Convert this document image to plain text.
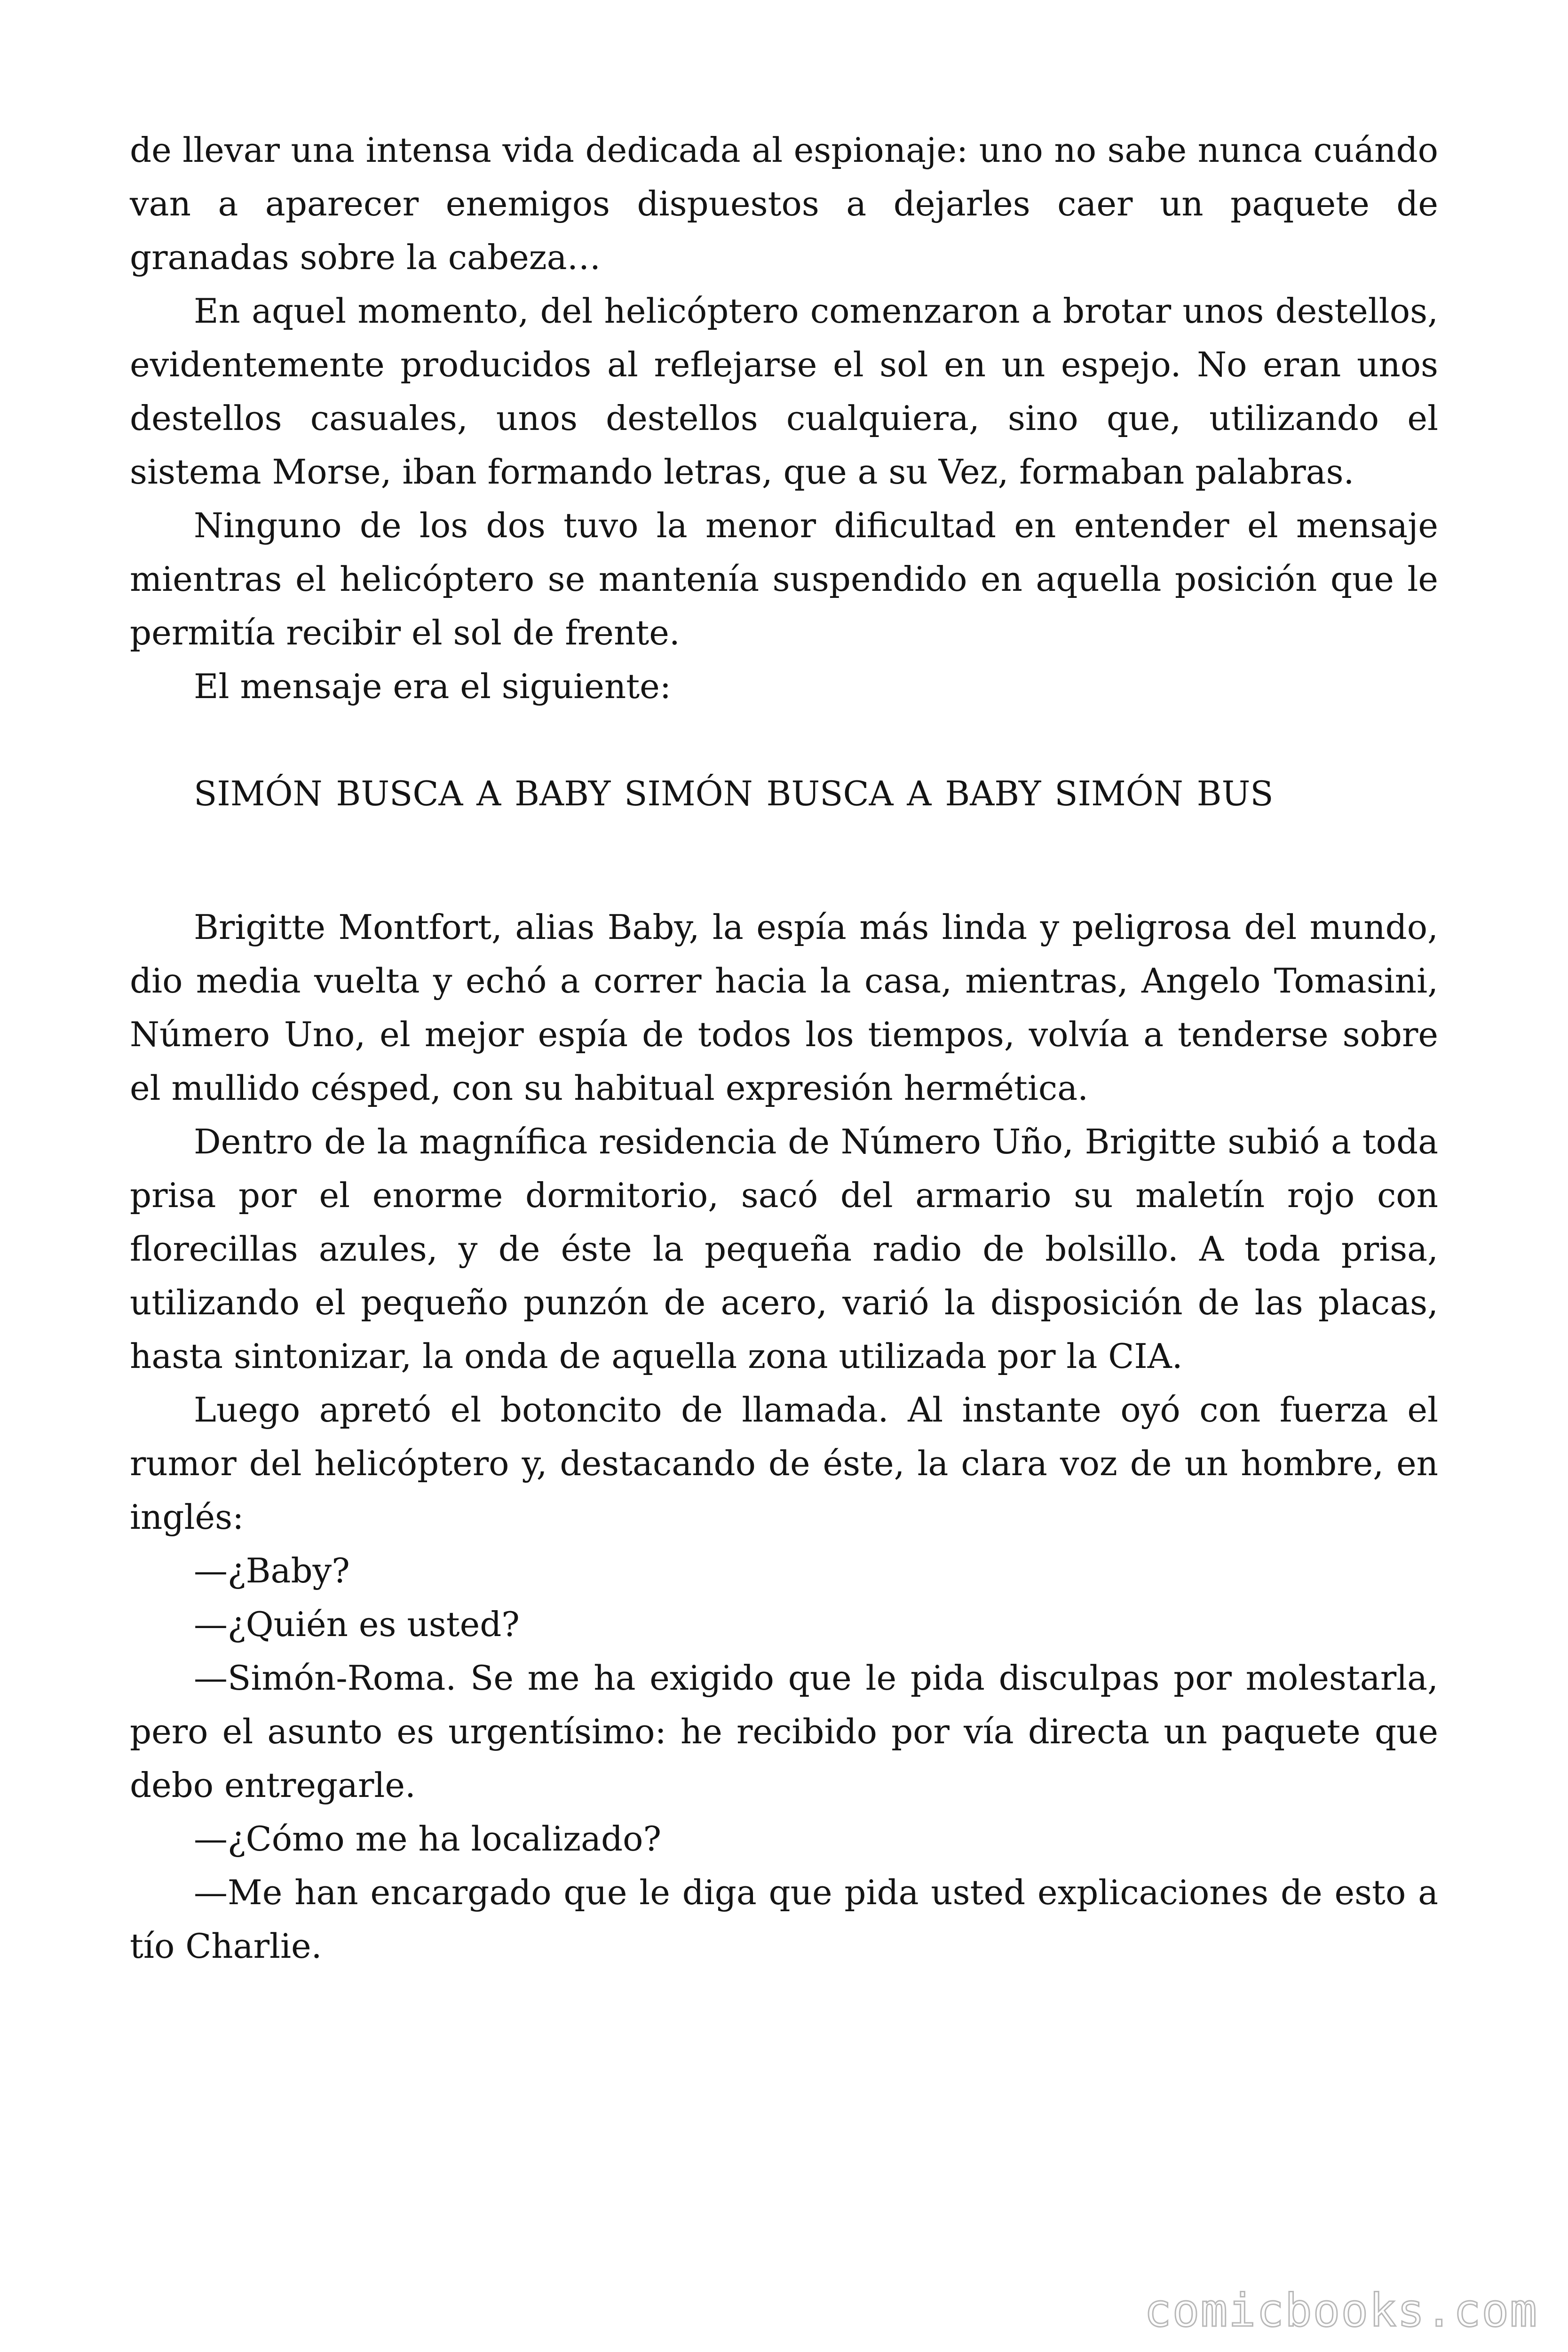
de llevar una intensa vida dedicada al espionaje: uno no sabe nunca cuándo van a aparecer enemigos dispuestos a dejarles caer un paquete de granadas sobre la cabeza…

En aquel momento, del helicóptero comenzaron a brotar unos destellos, evidentemente producidos al reflejarse el sol en un espejo. No eran unos destellos casuales, unos destellos cualquiera, sino que, utilizando el sistema Morse, iban formando letras, que a su Vez, formaban palabras.

Ninguno de los dos tuvo la menor dificultad en entender el mensaje mientras el helicóptero se mantenía suspendido en aquella posición que le permitía recibir el sol de frente.

El mensaje era el siguiente:

SIMÓN BUSCA A BABY SIMÓN BUSCA A BABY SIMÓN BUS

Brigitte Montfort, alias Baby, la espía más linda y peligrosa del mundo, dio media vuelta y echó a correr hacia la casa, mientras, Angelo Tomasini, Número Uno, el mejor espía de todos los tiempos, volvía a tenderse sobre el mullido césped, con su habitual expresión hermética.

Dentro de la magnífica residencia de Número Uño, Brigitte subió a toda prisa por el enorme dormitorio, sacó del armario su maletín rojo con florecillas azules, y de éste la pequeña radio de bolsillo. A toda prisa, utilizando el pequeño punzón de acero, varió la disposición de las placas, hasta sintonizar, la onda de aquella zona utilizada por la CIA.

Luego apretó el botoncito de llamada. Al instante oyó con fuerza el rumor del helicóptero y, destacando de éste, la clara voz de un hombre, en inglés:

—¿Baby?

—¿Quién es usted?

—Simón-Roma. Se me ha exigido que le pida disculpas por molestarla, pero el asunto es urgentísimo: he recibido por vía directa un paquete que debo entregarle.

—¿Cómo me ha localizado?

—Me han encargado que le diga que pida usted explicaciones de esto a tío Charlie.

comicbooks.com
